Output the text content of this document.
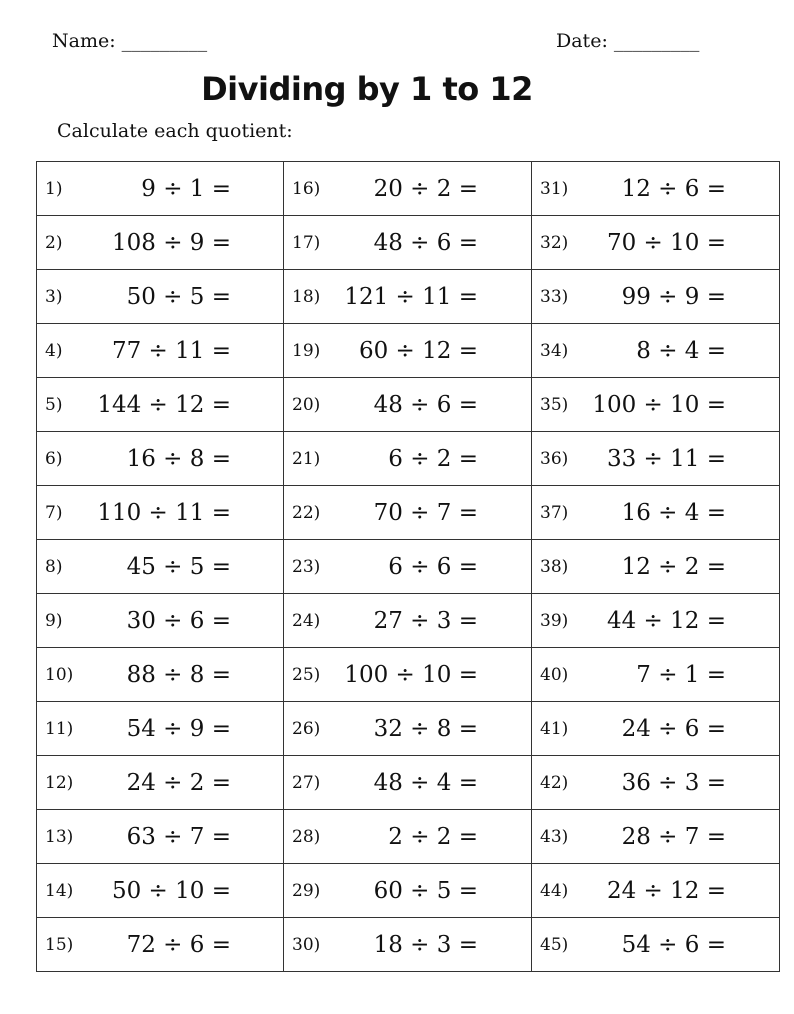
Name: _________	Date: _________
Dividing by 1 to 12
Calculate each quotient:
1) 9 ÷ 1 =	16) 20 ÷ 2 =	31) 12 ÷ 6 =
2) 108 ÷ 9 =	17) 48 ÷ 6 =	32) 70 ÷ 10 =
3) 50 ÷ 5 =	18) 121 ÷ 11 =	33) 99 ÷ 9 =
4) 77 ÷ 11 =	19) 60 ÷ 12 =	34) 8 ÷ 4 =
5) 144 ÷ 12 =	20) 48 ÷ 6 =	35) 100 ÷ 10 =
6) 16 ÷ 8 =	21) 6 ÷ 2 =	36) 33 ÷ 11 =
7) 110 ÷ 11 =	22) 70 ÷ 7 =	37) 16 ÷ 4 =
8) 45 ÷ 5 =	23) 6 ÷ 6 =	38) 12 ÷ 2 =
9) 30 ÷ 6 =	24) 27 ÷ 3 =	39) 44 ÷ 12 =
10) 88 ÷ 8 =	25) 100 ÷ 10 =	40) 7 ÷ 1 =
11) 54 ÷ 9 =	26) 32 ÷ 8 =	41) 24 ÷ 6 =
12) 24 ÷ 2 =	27) 48 ÷ 4 =	42) 36 ÷ 3 =
13) 63 ÷ 7 =	28) 2 ÷ 2 =	43) 28 ÷ 7 =
14) 50 ÷ 10 =	29) 60 ÷ 5 =	44) 24 ÷ 12 =
15) 72 ÷ 6 =	30) 18 ÷ 3 =	45) 54 ÷ 6 =
